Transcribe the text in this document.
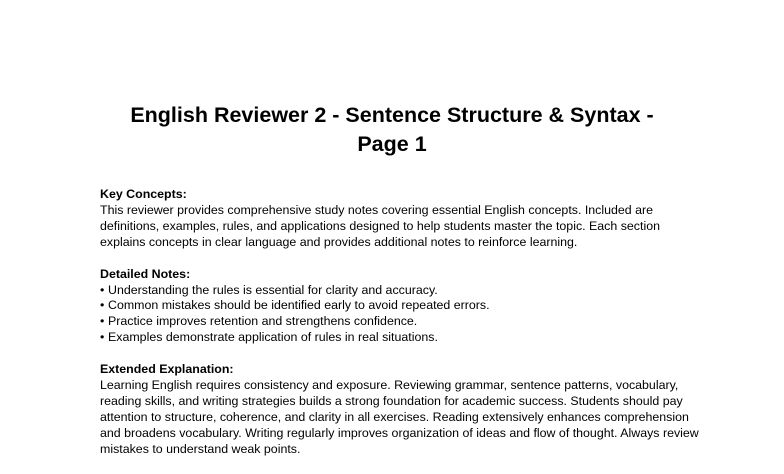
English Reviewer 2 - Sentence Structure & Syntax -
Page 1

Key Concepts:

This reviewer provides comprehensive study notes covering essential English concepts. Included are definitions, examples, rules, and applications designed to help students master the topic. Each section explains concepts in clear language and provides additional notes to reinforce learning.

Detailed Notes:

• Understanding the rules is essential for clarity and accuracy.
• Common mistakes should be identified early to avoid repeated errors.
• Practice improves retention and strengthens confidence.
• Examples demonstrate application of rules in real situations.

Extended Explanation:

Learning English requires consistency and exposure. Reviewing grammar, sentence patterns, vocabulary, reading skills, and writing strategies builds a strong foundation for academic success. Students should pay attention to structure, coherence, and clarity in all exercises. Reading extensively enhances comprehension and broadens vocabulary. Writing regularly improves organization of ideas and flow of thought. Always review mistakes to understand weak points.
